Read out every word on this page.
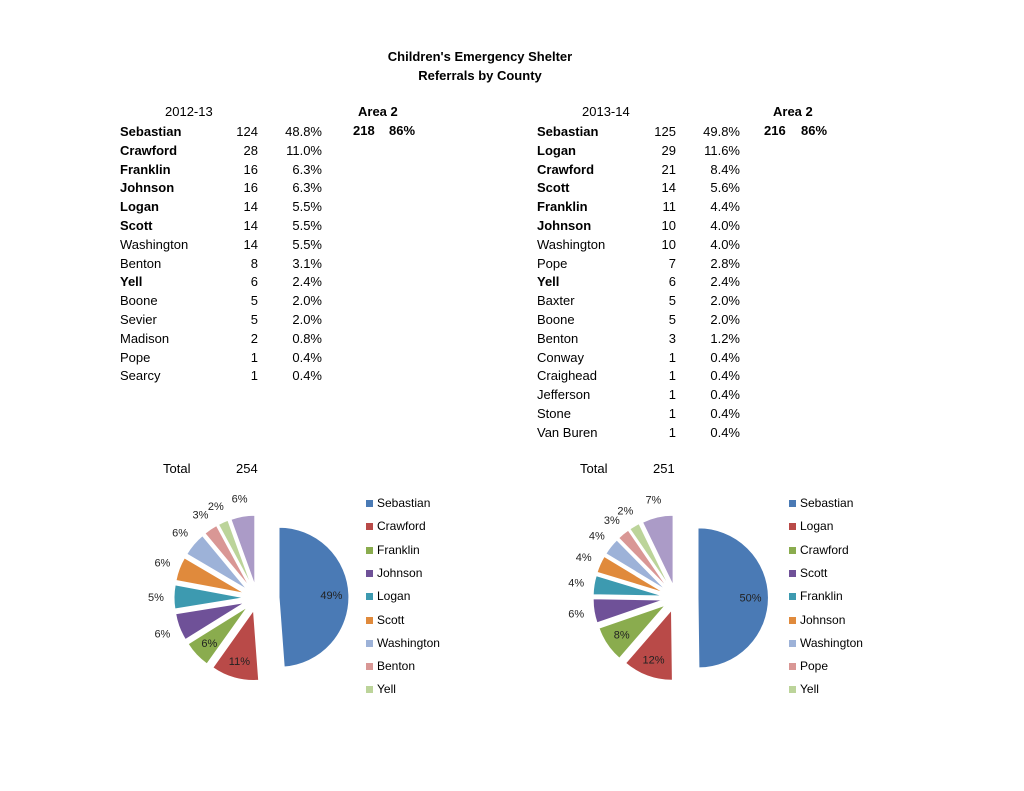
Children's Emergency Shelter
Referrals by County
2012-13	Area 2
218 86%
Sebastian	124	48.8%
Crawford	28	11.0%
Franklin	16	6.3%
Johnson	16	6.3%
Logan	14	5.5%
Scott	14	5.5%
Washington	14	5.5%
Benton	8	3.1%
Yell	6	2.4%
Boone	5	2.0%
Sevier	5	2.0%
Madison	2	0.8%
Pope	1	0.4%
Searcy	1	0.4%
Total	254
49%
11%
6%
6%
5%
6%
6%
3%
2%
6%	Sebastian
Crawford
Franklin
Johnson
Logan
Scott
Washington
Benton
Yell
2013-14	Area 2
216 86%
Sebastian	125	49.8%
Logan	29	11.6%
Crawford	21	8.4%
Scott	14	5.6%
Franklin	11	4.4%
Johnson	10	4.0%
Washington	10	4.0%
Pope	7	2.8%
Yell	6	2.4%
Baxter	5	2.0%
Boone	5	2.0%
Benton	3	1.2%
Conway	1	0.4%
Craighead	1	0.4%
Jefferson	1	0.4%
Stone	1	0.4%
Van Buren	1	0.4%
Total	251
50%
12%
8%
6%
4%
4%
4%
3%
2%
7%	Sebastian
Logan
Crawford
Scott
Franklin
Johnson
Washington
Pope
Yell
